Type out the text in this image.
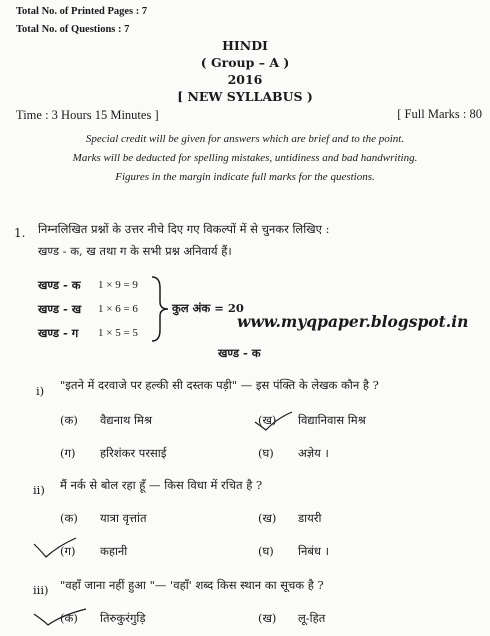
Total No. of Printed Pages : 7
Total No. of Questions : 7
HINDI
( Group – A )
2016
[ NEW SYLLABUS )
Time : 3 Hours 15 Minutes ]	[ Full Marks : 80
Special credit will be given for answers which are brief and to the point.
Marks will be deducted for spelling mistakes, untidiness and bad handwriting.
Figures in the margin indicate full marks for the questions.
1. निम्नलिखित प्रश्नों के उत्तर नीचे दिए गए विकल्पों में से चुनकर लिखिए :
खण्ड - क, ख तथा ग के सभी प्रश्न अनिवार्य हैं।
खण्ड - क 1 × 9 = 9
खण्ड - ख 1 × 6 = 6
खण्ड - ग 1 × 5 = 5
कुल अंक = 20
www.myqpaper.blogspot.in
खण्ड - क
i) "इतने में दरवाजे पर हल्की सी दस्तक पड़ी" — इस पंक्ति के लेखक कौन है ?
(क) वैद्यनाथ मिश्र	(ख) विद्यानिवास मिश्र
(ग) हरिशंकर परसाई	(घ) अज्ञेय ।
ii) मैं नर्क से बोल रहा हूँ — किस विधा में रचित है ?
(क) यात्रा वृत्तांत	(ख) डायरी
(ग) कहानी	(घ) निबंध ।
iii) "वहाँ जाना नहीं हुआ "— 'वहाँ' शब्द किस स्थान का सूचक है ?
(क) तिरुकुरंगुड़ि	(ख) लू-हित
